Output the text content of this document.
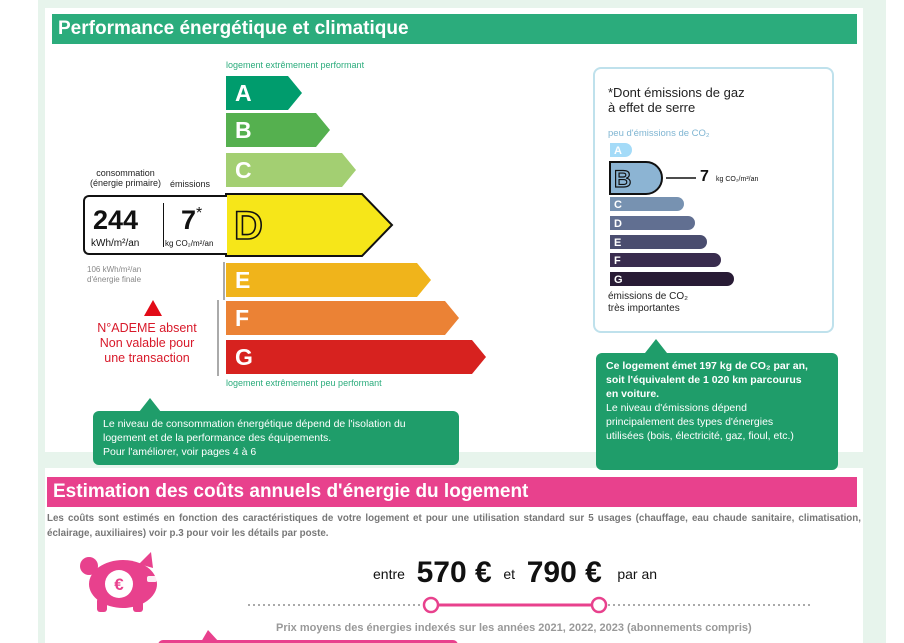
Performance énergétique et climatique
logement extrêmement performant
logement extrêmement peu performant
A
B
C
D
E
F
G
consommation
(énergie primaire) émissions
244
kWh/m²/an
7*
kg CO₂/m²/an
106 kWh/m²/an
d'énergie finale
N°ADEME absent
Non valable pour
une transaction
Le niveau de consommation énergétique dépend de l'isolation du
logement et de la performance des équipements.
Pour l'améliorer, voir pages 4 à 6
*Dont émissions de gaz
à effet de serre
peu d'émissions de CO₂
A
B
C
D
E
F
G
7 kg CO₂/m²/an
émissions de CO₂
très importantes
Ce logement émet 197 kg de CO₂ par an,
soit l'équivalent de 1 020 km parcourus
en voiture.
Le niveau d'émissions dépend
principalement des types d'énergies
utilisées (bois, électricité, gaz, fioul, etc.)
Estimation des coûts annuels d'énergie du logement
Les coûts sont estimés en fonction des caractéristiques de votre logement et pour une utilisation standard sur 5 usages (chauffage, eau chaude sanitaire, climatisation, éclairage, auxiliaires) voir p.3 pour voir les détails par poste.
€
entre 570 € et 790 € par an
Prix moyens des énergies indexés sur les années 2021, 2022, 2023 (abonnements compris)
